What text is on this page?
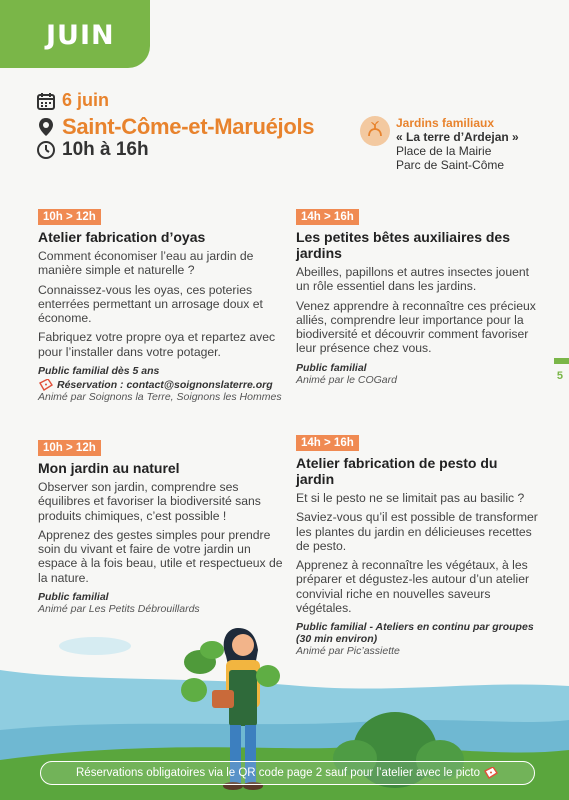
JUIN
6 juin
Saint-Côme-et-Maruéjols
10h à 16h
Jardins familiaux
« La terre d’Ardejan »
Place de la Mairie
Parc de Saint-Côme
10h > 12h
Atelier fabrication d’oyas

Comment économiser l’eau au jardin de manière simple et naturelle ?

Connaissez-vous les oyas, ces poteries enterrées permettant un arrosage doux et économe.

Fabriquez votre propre oya et repartez avec pour l’installer dans votre potager.

Public familial dès 5 ans
Réservation : contact@soignonslaterre.org
Animé par Soignons la Terre, Soignons les Hommes
14h > 16h
Les petites bêtes auxiliaires des jardins

Abeilles, papillons et autres insectes jouent un rôle essentiel dans les jardins.

Venez apprendre à reconnaître ces précieux alliés, comprendre leur importance pour la biodiversité et découvrir comment favoriser leur présence chez vous.

Public familial
Animé par le COGard
10h > 12h
Mon jardin au naturel

Observer son jardin, comprendre ses équilibres et favoriser la biodiversité sans produits chimiques, c’est possible !

Apprenez des gestes simples pour prendre soin du vivant et faire de votre jardin un espace à la fois beau, utile et respectueux de la nature.

Public familial
Animé par Les Petits Débrouillards
14h > 16h
Atelier fabrication de pesto du jardin

Et si le pesto ne se limitait pas au basilic ?

Saviez-vous qu’il est possible de transformer les plantes du jardin en délicieuses recettes de pesto.

Apprenez à reconnaître les végétaux, à les préparer et dégustez-les autour d’un atelier convivial riche en nouvelles saveurs végétales.

Public familial - Ateliers en continu par groupes (30 min environ)
Animé par Pic’assiette
5
Réservations obligatoires via le QR code page 2 sauf pour l’atelier avec le picto
